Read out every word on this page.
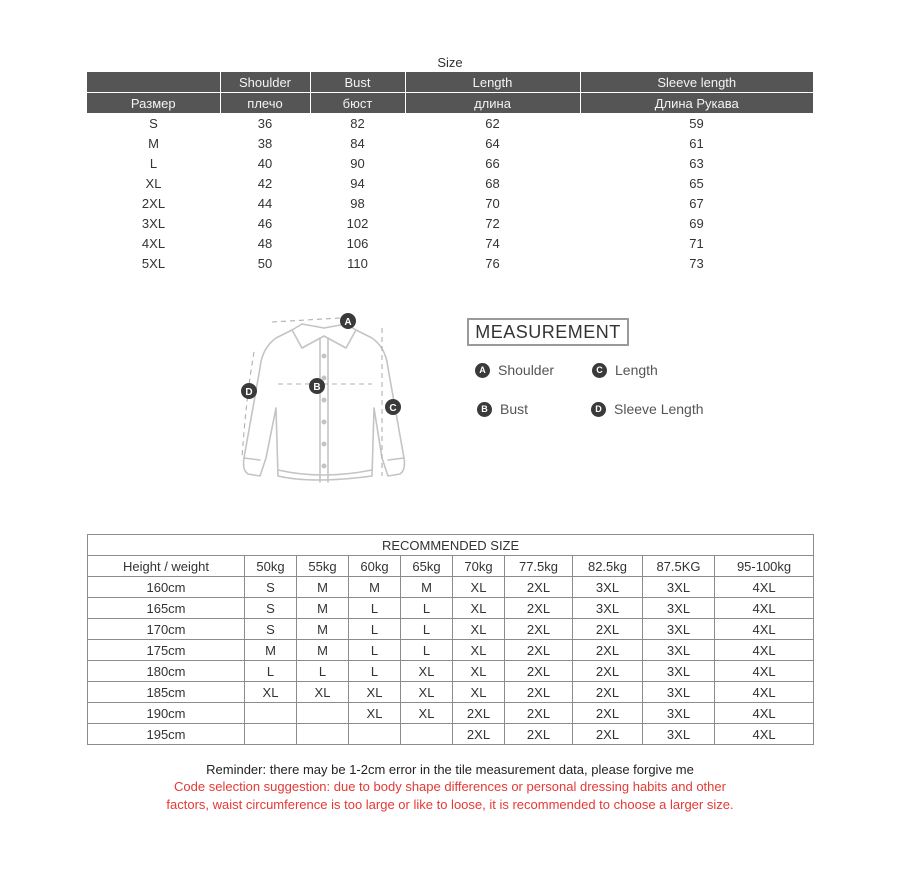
Size
	Shoulder	Bust	Length	Sleeve length
Размер	плечо	бюст	длина	Длина Рукава
S	36	82	62	59
M	38	84	64	61
L	40	90	66	63
XL	42	94	68	65
2XL	44	98	70	67
3XL	46	102	72	69
4XL	48	106	74	71
5XL	50	110	76	73
A
B
C
D
MEASUREMENT
A Shoulder	C Length
B Bust	D Sleeve Length
RECOMMENDED SIZE									
Height / weight	50kg	55kg	60kg	65kg	70kg	77.5kg	82.5kg	87.5KG	95-100kg
160cm	S	M	M	M	XL	2XL	3XL	3XL	4XL
165cm	S	M	L	L	XL	2XL	3XL	3XL	4XL
170cm	S	M	L	L	XL	2XL	2XL	3XL	4XL
175cm	M	M	L	L	XL	2XL	2XL	3XL	4XL
180cm	L	L	L	XL	XL	2XL	2XL	3XL	4XL
185cm	XL	XL	XL	XL	XL	2XL	2XL	3XL	4XL
190cm			XL	XL	2XL	2XL	2XL	3XL	4XL
195cm					2XL	2XL	2XL	3XL	4XL
Reminder: there may be 1-2cm error in the tile measurement data, please forgive me
Code selection suggestion: due to body shape differences or personal dressing habits and other
factors, waist circumference is too large or like to loose, it is recommended to choose a larger size.
